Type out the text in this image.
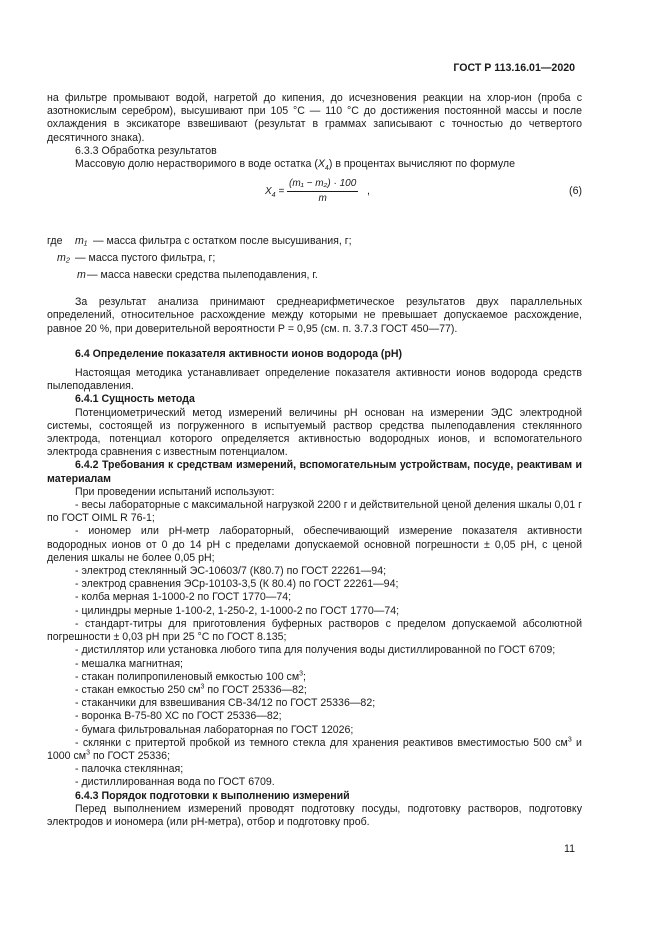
ГОСТ Р 113.16.01—2020

на фильтре промывают водой, нагретой до кипения, до исчезновения реакции на хлор-ион (проба с азотнокислым серебром), высушивают при 105 °С — 110 °С до достижения постоянной массы и после охлаждения в эксикаторе взвешивают (результат в граммах записывают с точностью до четвертого десятичного знака).

6.3.3 Обработка результатов

Массовую долю нерастворимого в воде остатка $(X_4)$ в процентах вычисляют по формуле

$X_4 = \frac{\text{(m₁ − m₂) · 100}}{m}$ ,	(6)
где	m₁ — масса фильтра с остатком после высушивания, г;
m₂ — масса пустого фильтра, г;
m — масса навески средства пылеподавления, г.

За результат анализа принимают среднеарифметическое результатов двух параллельных определений, относительное расхождение между которыми не превышает допускаемое расхождение, равное 20 %, при доверительной вероятности Р = 0,95 (см. п. 3.7.3 ГОСТ 450—77).

6.4 Определение показателя активности ионов водорода (рН)

Настоящая методика устанавливает определение показателя активности ионов водорода средств пылеподавления.

6.4.1 Сущность метода

Потенциометрический метод измерений величины рН основан на измерении ЭДС электродной системы, состоящей из погруженного в испытуемый раствор средства пылеподавления стеклянного электрода, потенциал которого определяется активностью водородных ионов, и вспомогательного электрода сравнения с известным потенциалом.

6.4.2 Требования к средствам измерений, вспомогательным устройствам, посуде, реактивам и материалам

При проведении испытаний используют:

- весы лабораторные с максимальной нагрузкой 2200 г и действительной ценой деления шкалы 0,01 г по ГОСТ OIML R 76-1;

- иономер или рН-метр лабораторный, обеспечивающий измерение показателя активности водородных ионов от 0 до 14 рН с пределами допускаемой основной погрешности ± 0,05 рН, с ценой деления шкалы не более 0,05 рН;

- электрод стеклянный ЭС-10603/7 (К80.7) по ГОСТ 22261—94;

- электрод сравнения ЭСр-10103-3,5 (К 80.4) по ГОСТ 22261—94;

- колба мерная 1-1000-2 по ГОСТ 1770—74;

- цилиндры мерные 1-100-2, 1-250-2, 1-1000-2 по ГОСТ 1770—74;

- стандарт-титры для приготовления буферных растворов с пределом допускаемой абсолютной погрешности ± 0,03 рН при 25 °С по ГОСТ 8.135;

- дистиллятор или установка любого типа для получения воды дистиллированной по ГОСТ 6709;

- мешалка магнитная;

- стакан полипропиленовый емкостью 100 $см^3$;

- стакан емкостью 250 $см^3$ по ГОСТ 25336—82;

- стаканчики для взвешивания СВ-34/12 по ГОСТ 25336—82;

- воронка В-75-80 ХС по ГОСТ 25336—82;

- бумага фильтровальная лабораторная по ГОСТ 12026;

- склянки с притертой пробкой из темного стекла для хранения реактивов вместимостью 500 $см^3$ и 1000 $см^3$ по ГОСТ 25336;

- палочка стеклянная;

- дистиллированная вода по ГОСТ 6709.

6.4.3 Порядок подготовки к выполнению измерений

Перед выполнением измерений проводят подготовку посуды, подготовку растворов, подготовку электродов и иономера (или рН-метра), отбор и подготовку проб.

11
